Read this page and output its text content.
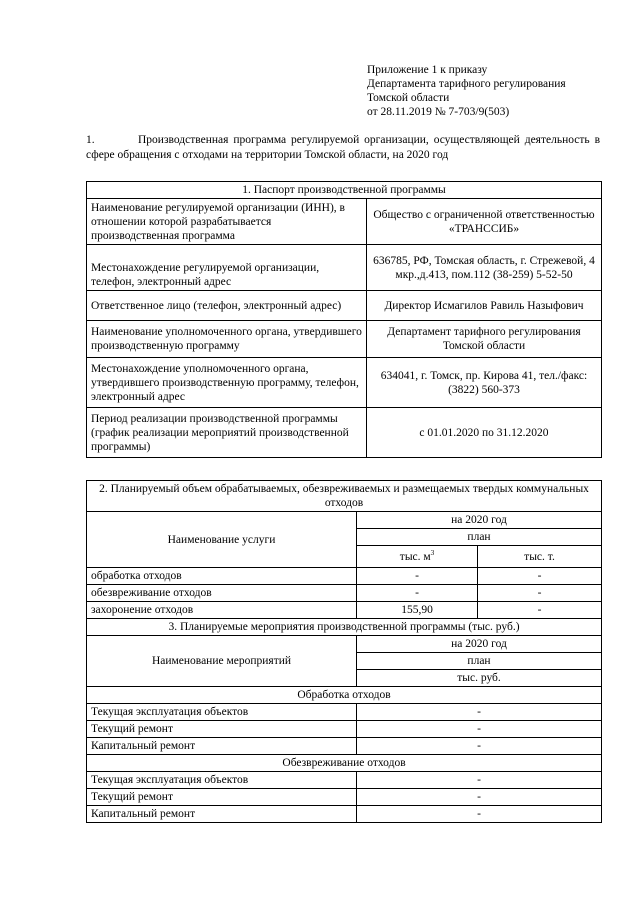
Приложение 1 к приказу
Департамента тарифного регулирования
Томской области
от 28.11.2019 № 7-703/9(503)
1.	Производственная программа регулируемой организации, осуществляющей деятельность в сфере обращения с отходами на территории Томской области, на 2020 год
1. Паспорт производственной программы	
Наименование регулируемой организации (ИНН), в отношении которой разрабатывается производственная программа	Общество с ограниченной ответственностью «ТРАНССИБ»
Местонахождение регулируемой организации, телефон, электронный адрес	636785, РФ, Томская область, г. Стрежевой, 4 мкр.,д.413, пом.112 (38-259) 5-52-50
Ответственное лицо (телефон, электронный адрес)	Директор Исмагилов Равиль Назыфович
Наименование уполномоченного органа, утвердившего производственную программу	Департамент тарифного регулирования Томской области
Местонахождение уполномоченного органа, утвердившего производственную программу, телефон, электронный адрес	634041, г. Томск, пр. Кирова 41, тел./факс: (3822) 560-373
Период реализации производственной программы (график реализации мероприятий производственной программы)	с 01.01.2020 по 31.12.2020
2. Планируемый объем обрабатываемых, обезвреживаемых и размещаемых твердых коммунальных отходов		
Наименование услуги	на 2020 год	
	план	
	тыс. $м^3$	тыс. т.
обработка отходов	-	-
обезвреживание отходов	-	-
захоронение отходов	155,90	-
3. Планируемые мероприятия производственной программы (тыс. руб.)		
Наименование мероприятий	на 2020 год	
	план	
	тыс. руб.	
Обработка отходов		
Текущая эксплуатация объектов	-	
Текущий ремонт	-	
Капитальный ремонт	-	
Обезвреживание отходов		
Текущая эксплуатация объектов	-	
Текущий ремонт	-	
Капитальный ремонт	-	
